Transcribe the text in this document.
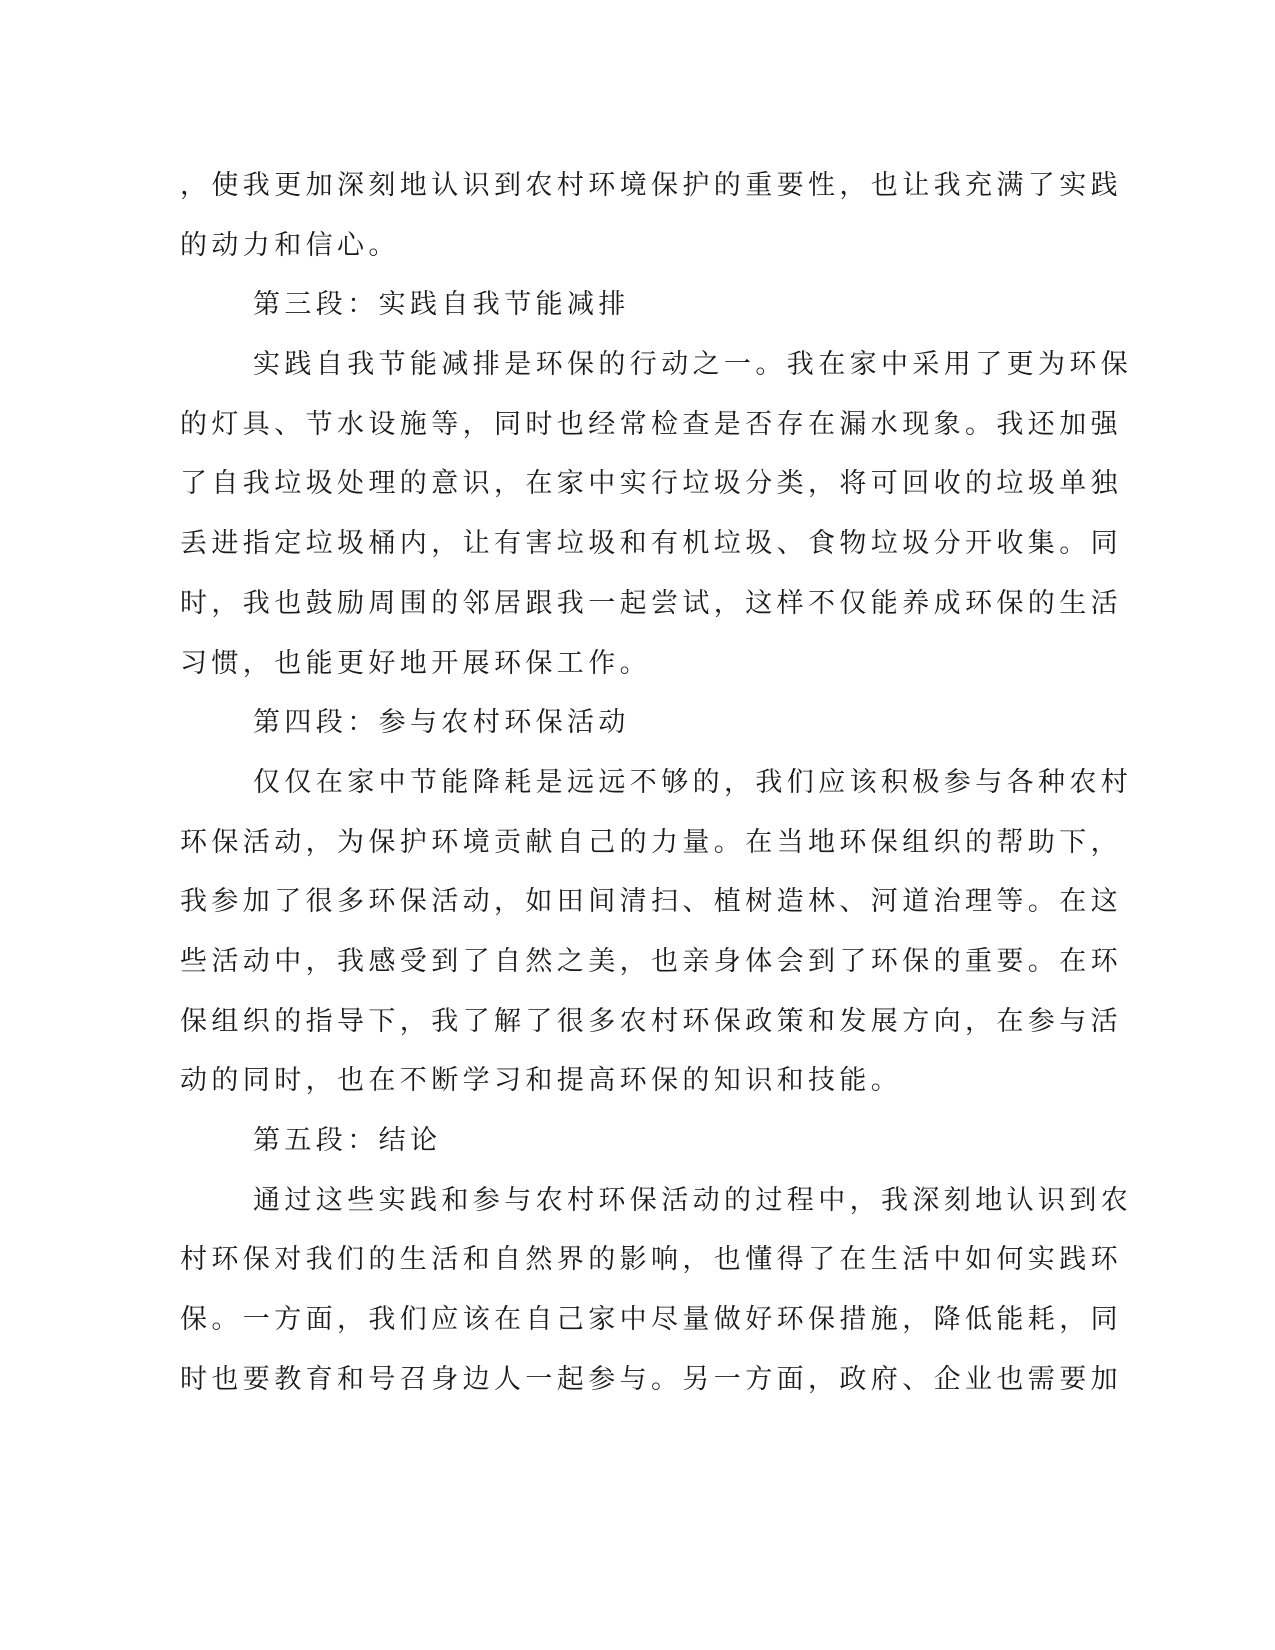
，使我更加深刻地认识到农村环境保护的重要性，也让我充满了实践
的动力和信心。
第三段：实践自我节能减排
实践自我节能减排是环保的行动之一。我在家中采用了更为环保
的灯具、节水设施等，同时也经常检查是否存在漏水现象。我还加强
了自我垃圾处理的意识，在家中实行垃圾分类，将可回收的垃圾单独
丢进指定垃圾桶内，让有害垃圾和有机垃圾、食物垃圾分开收集。同
时，我也鼓励周围的邻居跟我一起尝试，这样不仅能养成环保的生活
习惯，也能更好地开展环保工作。
第四段：参与农村环保活动
仅仅在家中节能降耗是远远不够的，我们应该积极参与各种农村
环保活动，为保护环境贡献自己的力量。在当地环保组织的帮助下，
我参加了很多环保活动，如田间清扫、植树造林、河道治理等。在这
些活动中，我感受到了自然之美，也亲身体会到了环保的重要。在环
保组织的指导下，我了解了很多农村环保政策和发展方向，在参与活
动的同时，也在不断学习和提高环保的知识和技能。
第五段：结论
通过这些实践和参与农村环保活动的过程中，我深刻地认识到农
村环保对我们的生活和自然界的影响，也懂得了在生活中如何实践环
保。一方面，我们应该在自己家中尽量做好环保措施，降低能耗，同
时也要教育和号召身边人一起参与。另一方面，政府、企业也需要加
